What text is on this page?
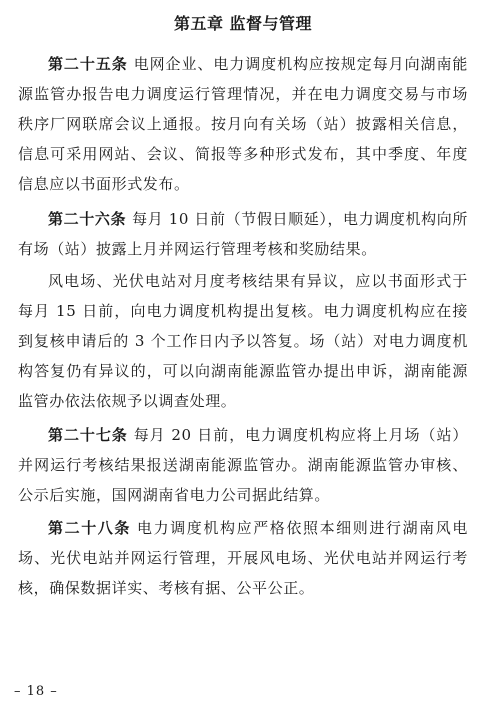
第五章 监督与管理

第二十五条 电网企业、电力调度机构应按规定每月向湖南能源监管办报告电力调度运行管理情况，并在电力调度交易与市场秩序厂网联席会议上通报。按月向有关场（站）披露相关信息，信息可采用网站、会议、简报等多种形式发布，其中季度、年度信息应以书面形式发布。

第二十六条 每月 10 日前（节假日顺延），电力调度机构向所有场（站）披露上月并网运行管理考核和奖励结果。

风电场、光伏电站对月度考核结果有异议，应以书面形式于每月 15 日前，向电力调度机构提出复核。电力调度机构应在接到复核申请后的 3 个工作日内予以答复。场（站）对电力调度机构答复仍有异议的，可以向湖南能源监管办提出申诉，湖南能源监管办依法依规予以调查处理。

第二十七条 每月 20 日前，电力调度机构应将上月场（站）并网运行考核结果报送湖南能源监管办。湖南能源监管办审核、公示后实施，国网湖南省电力公司据此结算。

第二十八条 电力调度机构应严格依照本细则进行湖南风电场、光伏电站并网运行管理，开展风电场、光伏电站并网运行考核，确保数据详实、考核有据、公平公正。

– 18 –
